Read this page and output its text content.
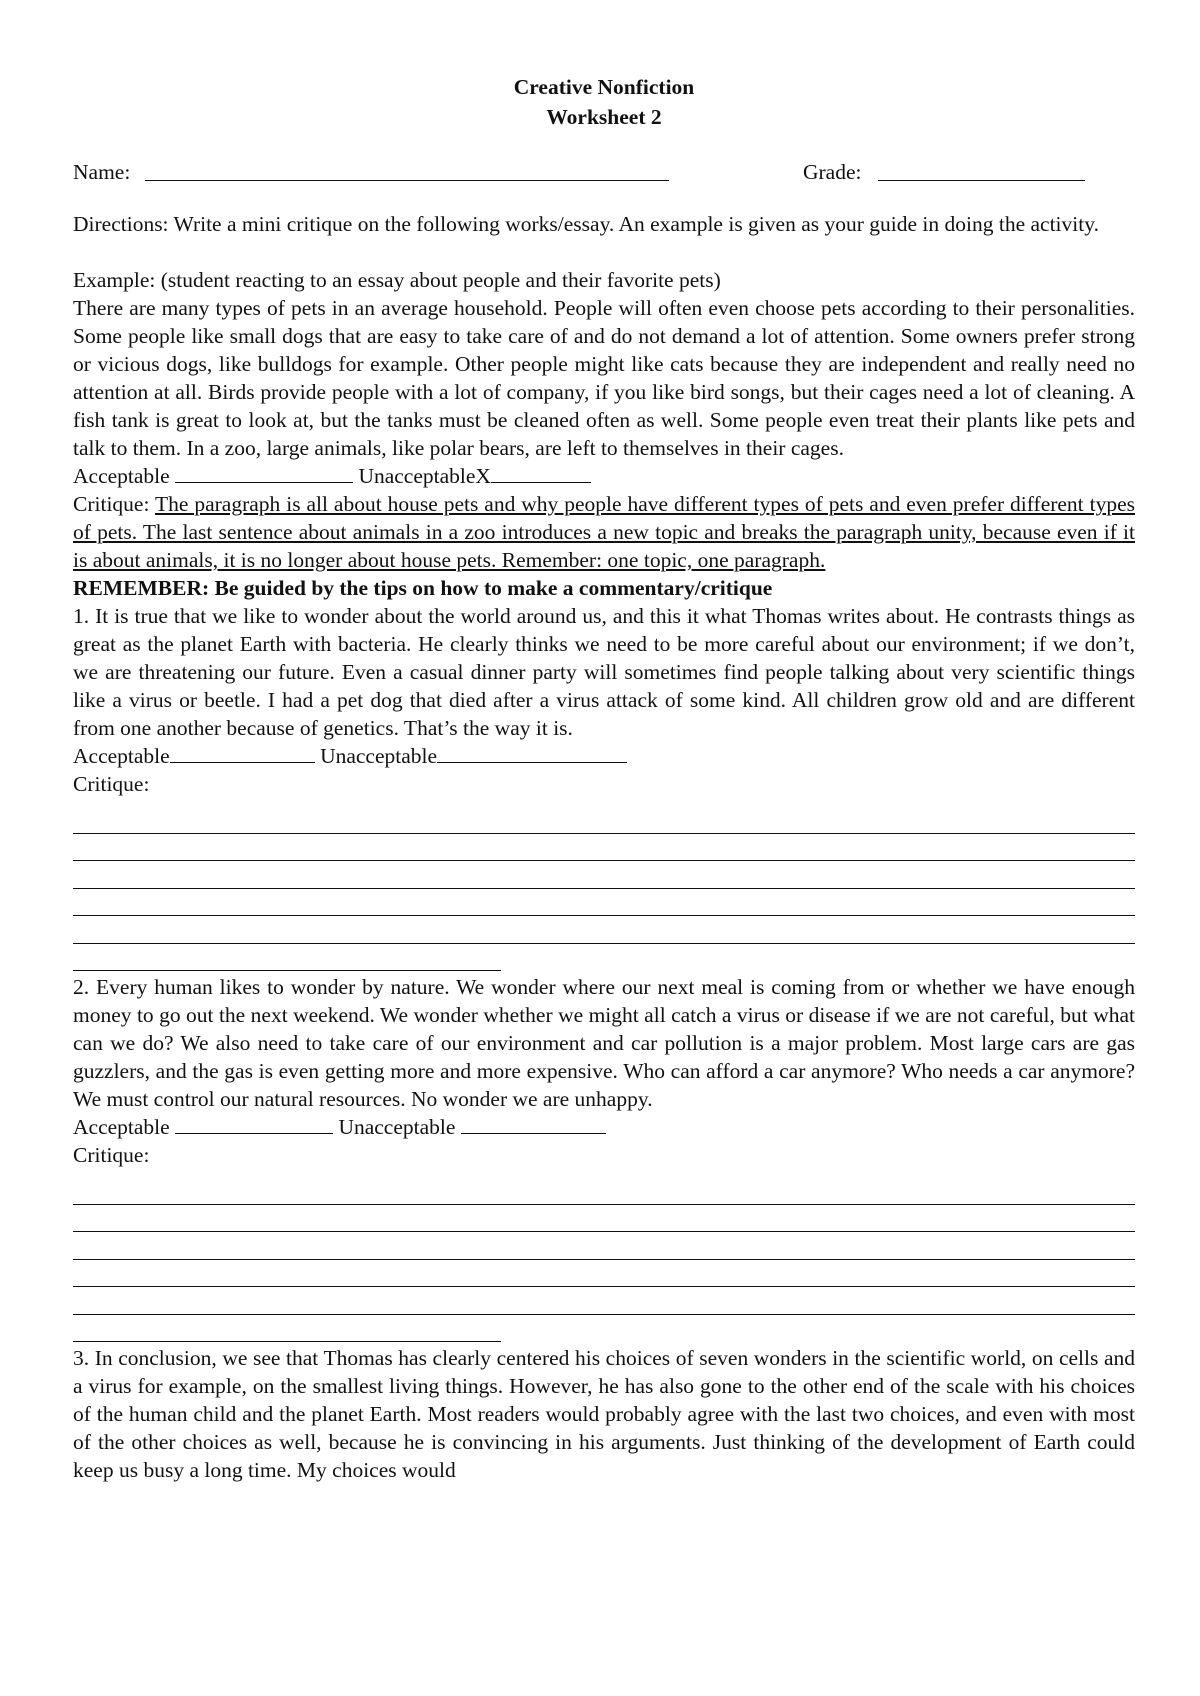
Creative Nonfiction

Worksheet 2

Name:	Grade:

Directions: Write a mini critique on the following works/essay. An example is given as your guide in doing the activity.

Example: (student reacting to an essay about people and their favorite pets)

There are many types of pets in an average household. People will often even choose pets according to their personalities. Some people like small dogs that are easy to take care of and do not demand a lot of attention. Some owners prefer strong or vicious dogs, like bulldogs for example. Other people might like cats because they are independent and really need no attention at all. Birds provide people with a lot of company, if you like bird songs, but their cages need a lot of cleaning. A fish tank is great to look at, but the tanks must be cleaned often as well. Some people even treat their plants like pets and talk to them. In a zoo, large animals, like polar bears, are left to themselves in their cages.

Acceptable	UnacceptableX

Critique: The paragraph is all about house pets and why people have different types of pets and even prefer different types of pets. The last sentence about animals in a zoo introduces a new topic and breaks the paragraph unity, because even if it is about animals, it is no longer about house pets. Remember: one topic, one paragraph.

REMEMBER: Be guided by the tips on how to make a commentary/critique

1. It is true that we like to wonder about the world around us, and this it what Thomas writes about. He contrasts things as great as the planet Earth with bacteria. He clearly thinks we need to be more careful about our environment; if we don’t, we are threatening our future. Even a casual dinner party will sometimes find people talking about very scientific things like a virus or beetle. I had a pet dog that died after a virus attack of some kind. All children grow old and are different from one another because of genetics. That’s the way it is.

Acceptable	Unacceptable

Critique:

2. Every human likes to wonder by nature. We wonder where our next meal is coming from or whether we have enough money to go out the next weekend. We wonder whether we might all catch a virus or disease if we are not careful, but what can we do? We also need to take care of our environment and car pollution is a major problem. Most large cars are gas guzzlers, and the gas is even getting more and more expensive. Who can afford a car anymore? Who needs a car anymore? We must control our natural resources. No wonder we are unhappy.

Acceptable	Unacceptable

Critique:

3. In conclusion, we see that Thomas has clearly centered his choices of seven wonders in the scientific world, on cells and a virus for example, on the smallest living things. However, he has also gone to the other end of the scale with his choices of the human child and the planet Earth. Most readers would probably agree with the last two choices, and even with most of the other choices as well, because he is convincing in his arguments. Just thinking of the development of Earth could keep us busy a long time. My choices would
